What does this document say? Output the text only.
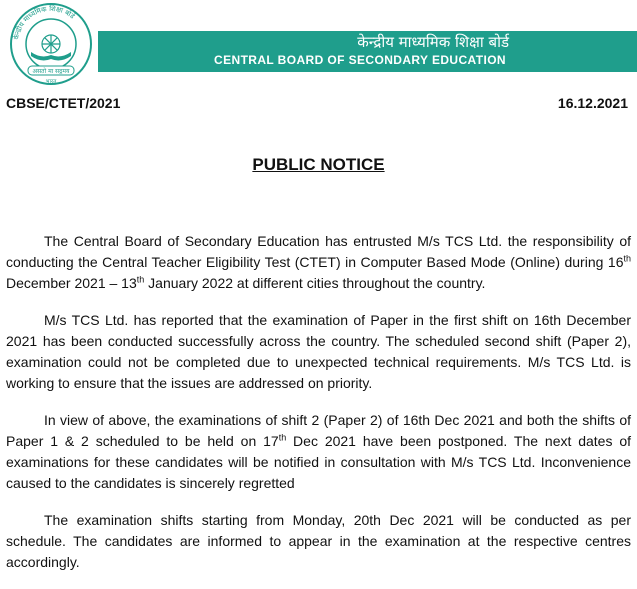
केन्द्रीय माध्यमिक शिक्षा बोर्ड
असतो मा सद्गमय
भारत
केन्द्रीय माध्यमिक शिक्षा बोर्ड
CENTRAL BOARD OF SECONDARY EDUCATION
CBSE/CTET/2021	16.12.2021
PUBLIC NOTICE

The Central Board of Secondary Education has entrusted M/s TCS Ltd. the responsibility of conducting the Central Teacher Eligibility Test (CTET) in Computer Based Mode (Online) during 16th December 2021 – 13th January 2022 at different cities throughout the country.

M/s TCS Ltd. has reported that the examination of Paper in the first shift on 16th December 2021 has been conducted successfully across the country. The scheduled second shift (Paper 2), examination could not be completed due to unexpected technical requirements. M/s TCS Ltd. is working to ensure that the issues are addressed on priority.

In view of above, the examinations of shift 2 (Paper 2) of 16th Dec 2021 and both the shifts of Paper 1 & 2 scheduled to be held on 17th Dec 2021 have been postponed. The next dates of examinations for these candidates will be notified in consultation with M/s TCS Ltd. Inconvenience caused to the candidates is sincerely regretted

The examination shifts starting from Monday, 20th Dec 2021 will be conducted as per schedule. The candidates are informed to appear in the examination at the respective centres accordingly.
